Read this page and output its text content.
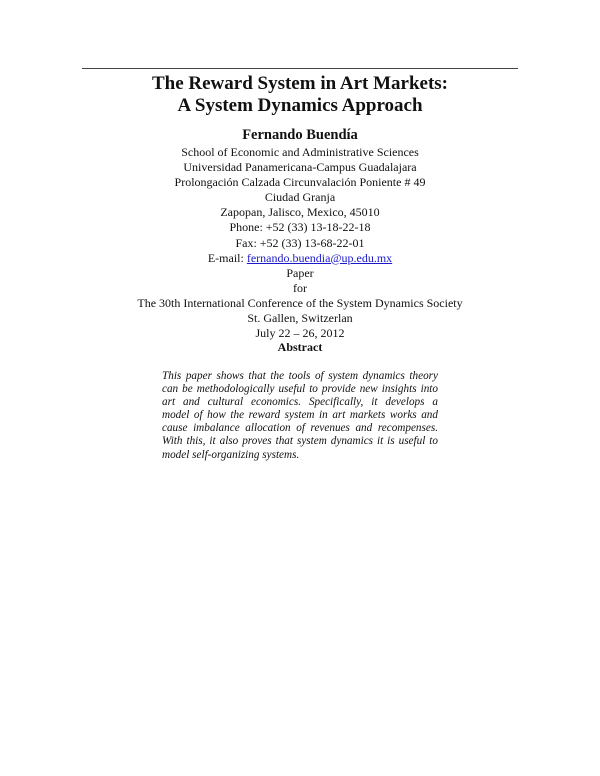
The Reward System in Art Markets:
A System Dynamics Approach
Fernando Buendía
School of Economic and Administrative Sciences
Universidad Panamericana-Campus Guadalajara
Prolongación Calzada Circunvalación Poniente # 49
Ciudad Granja
Zapopan, Jalisco, Mexico, 45010
Phone: +52 (33) 13-18-22-18
Fax: +52 (33) 13-68-22-01
E-mail: fernando.buendia@up.edu.mx
Paper
for
The 30th International Conference of the System Dynamics Society
St. Gallen, Switzerlan
July 22 – 26, 2012
Abstract
This paper shows that the tools of system dynamics theory
can be methodologically useful to provide new insights into
art and cultural economics. Specifically, it develops a
model of how the reward system in art markets works and
cause imbalance allocation of revenues and recompenses.
With this, it also proves that system dynamics it is useful to
model self-organizing systems.
